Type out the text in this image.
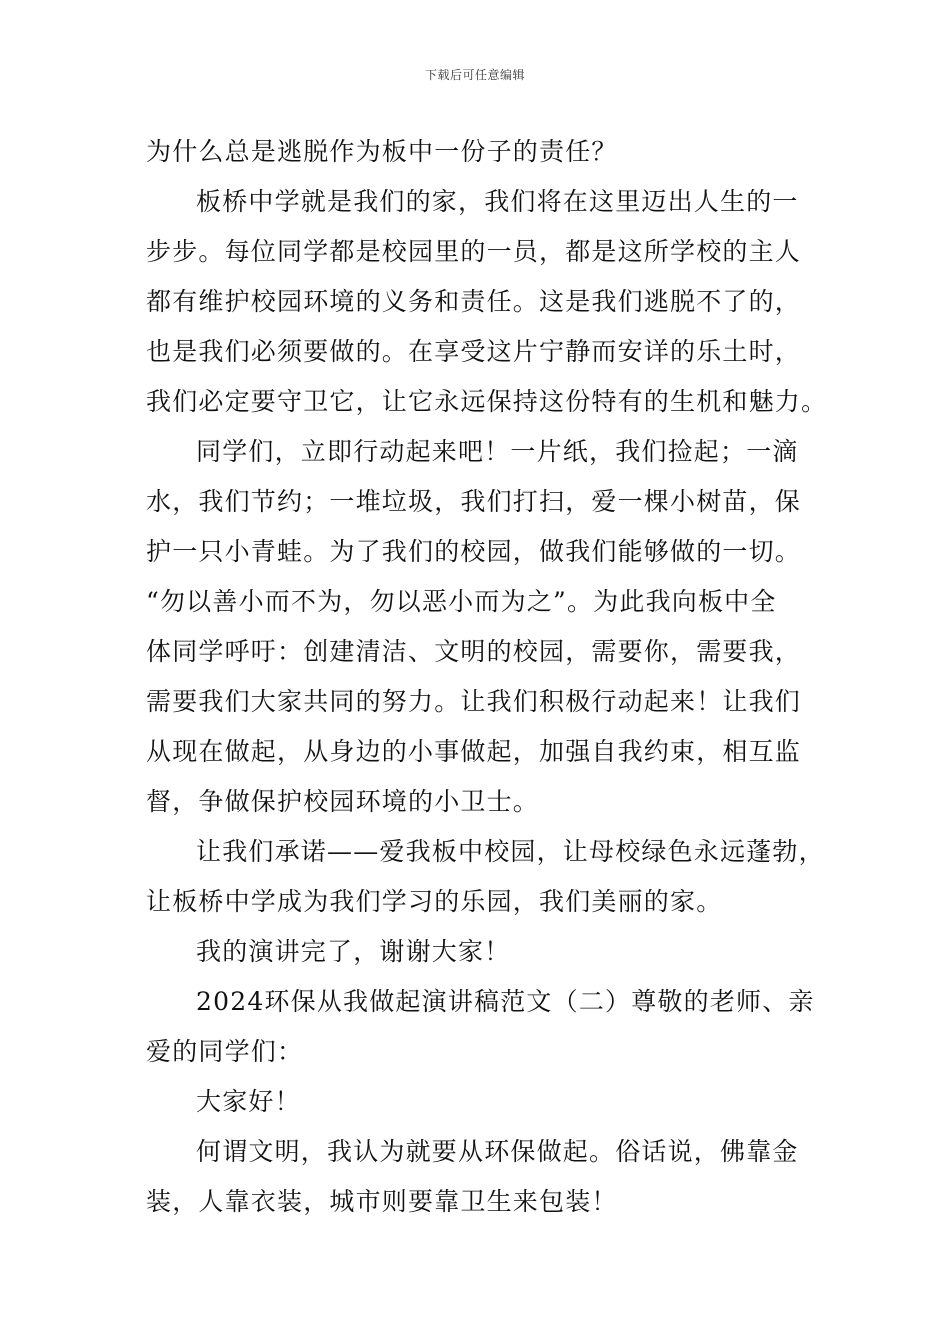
下载后可任意编辑

为什么总是逃脱作为板中一份子的责任？

板桥中学就是我们的家，我们将在这里迈出人生的一
步步。每位同学都是校园里的一员，都是这所学校的主人
都有维护校园环境的义务和责任。这是我们逃脱不了的，
也是我们必须要做的。在享受这片宁静而安详的乐土时，
我们必定要守卫它，让它永远保持这份特有的生机和魅力。

同学们，立即行动起来吧！一片纸，我们捡起；一滴
水，我们节约；一堆垃圾，我们打扫，爱一棵小树苗，保
护一只小青蛙。为了我们的校园，做我们能够做的一切。
“勿以善小而不为，勿以恶小而为之”。为此我向板中全
体同学呼吁：创建清洁、文明的校园，需要你，需要我，
需要我们大家共同的努力。让我们积极行动起来！让我们
从现在做起，从身边的小事做起，加强自我约束，相互监
督，争做保护校园环境的小卫士。

让我们承诺——爱我板中校园，让母校绿色永远蓬勃，
让板桥中学成为我们学习的乐园，我们美丽的家。

我的演讲完了，谢谢大家！

2024环保从我做起演讲稿范文（二）尊敬的老师、亲
爱的同学们：

大家好！

何谓文明，我认为就要从环保做起。俗话说，佛靠金
装，人靠衣装，城市则要靠卫生来包装！
